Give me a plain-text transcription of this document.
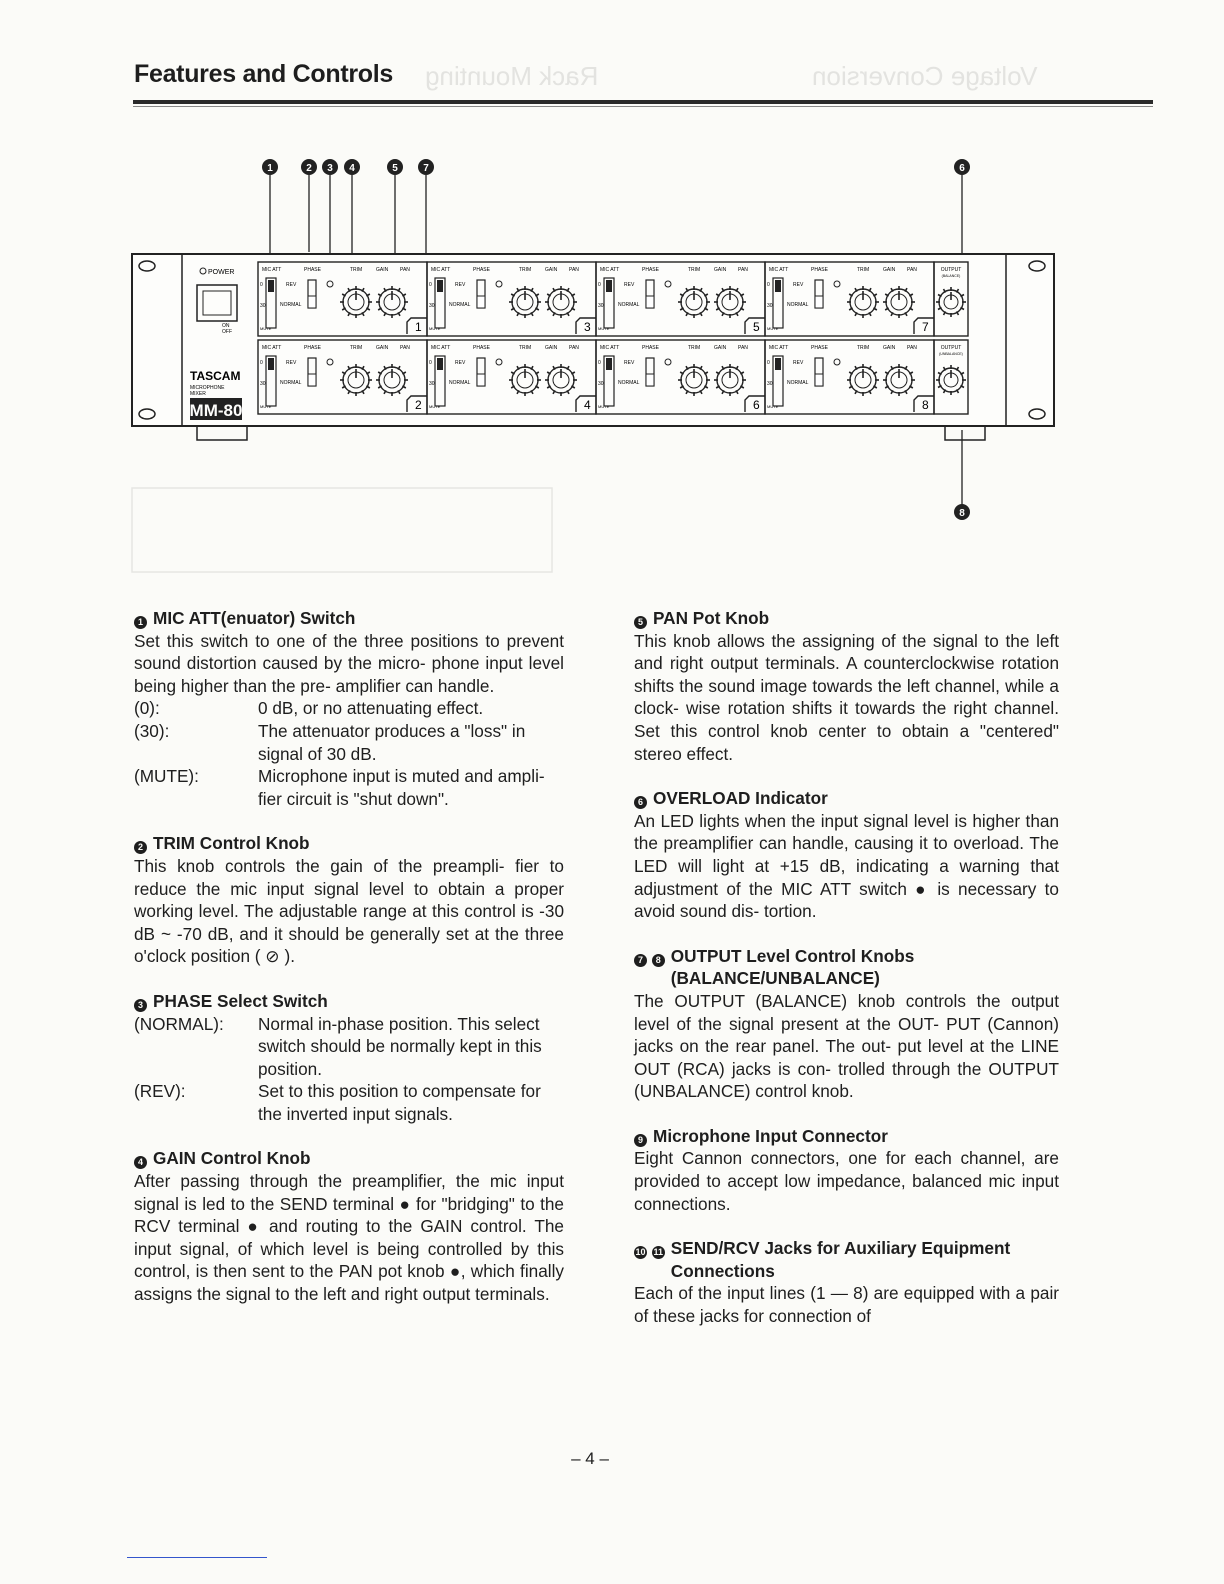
Rack Mounting	Voltage Conversion
Features and Controls
1	2 3 4	5	7	6
8
POWER
ON
OFF
TASCAM
MICROPHONE
MIXER
MM-80
MIC ATT	PHASE	TRIM	GAIN PAN
0
30
MUTE
REV
NORMAL
1
MIC ATT	PHASE	TRIM	GAIN PAN
0
30
MUTE
REV
NORMAL
3
MIC ATT	PHASE	TRIM	GAIN PAN
0
30
MUTE
REV
NORMAL
5
MIC ATT	PHASE	TRIM	GAIN PAN
0
30
MUTE
REV
NORMAL
7
OUTPUT
(BALANCE)
MIC ATT	PHASE	TRIM	GAIN PAN
0
30
MUTE
REV
NORMAL
2
MIC ATT	PHASE	TRIM	GAIN PAN
0
30
MUTE
REV
NORMAL
4
MIC ATT	PHASE	TRIM	GAIN PAN
0
30
MUTE
REV
NORMAL
6
MIC ATT	PHASE	TRIM	GAIN PAN
0
30
MUTE
REV
NORMAL
8
OUTPUT
(UNBALANCE)
1 MIC ATT(enuator) Switch

Set this switch to one of the three positions to prevent sound distortion caused by the micro- phone input level being higher than the pre- amplifier can handle.

(0):	0 dB, or no attenuating effect.
(30):	The attenuator produces a "loss" in signal of 30 dB.
(MUTE):	Microphone input is muted and ampli- fier circuit is "shut down".
2 TRIM Control Knob

This knob controls the gain of the preampli- fier to reduce the mic input signal level to obtain a proper working level. The adjustable range at this control is -30 dB ~ -70 dB, and it should be generally set at the three o'clock position ( ⊘ ).

3 PHASE Select Switch
(NORMAL):	Normal in-phase position. This select switch should be normally kept in this position.
(REV):	Set to this position to compensate for the inverted input signals.
4 GAIN Control Knob

After passing through the preamplifier, the mic input signal is led to the SEND terminal ● for "bridging" to the RCV terminal ● and routing to the GAIN control. The input signal, of which level is being controlled by this control, is then sent to the PAN pot knob ●, which finally assigns the signal to the left and right output terminals.

5 PAN Pot Knob

This knob allows the assigning of the signal to the left and right output terminals. A counterclockwise rotation shifts the sound image towards the left channel, while a clock- wise rotation shifts it towards the right channel. Set this control knob center to obtain a "centered" stereo effect.

6 OVERLOAD Indicator

An LED lights when the input signal level is higher than the preamplifier can handle, causing it to overload. The LED will light at +15 dB, indicating a warning that adjustment of the MIC ATT switch ● is necessary to avoid sound dis- tortion.

7 8 OUTPUT Level Control Knobs (BALANCE/UNBALANCE)

The OUTPUT (BALANCE) knob controls the output level of the signal present at the OUT- PUT (Cannon) jacks on the rear panel. The out- put level at the LINE OUT (RCA) jacks is con- trolled through the OUTPUT (UNBALANCE) control knob.

9 Microphone Input Connector

Eight Cannon connectors, one for each channel, are provided to accept low impedance, balanced mic input connections.

10 11 SEND/RCV Jacks for Auxiliary Equipment Connections

Each of the input lines (1 — 8) are equipped with a pair of these jacks for connection of

– 4 –
